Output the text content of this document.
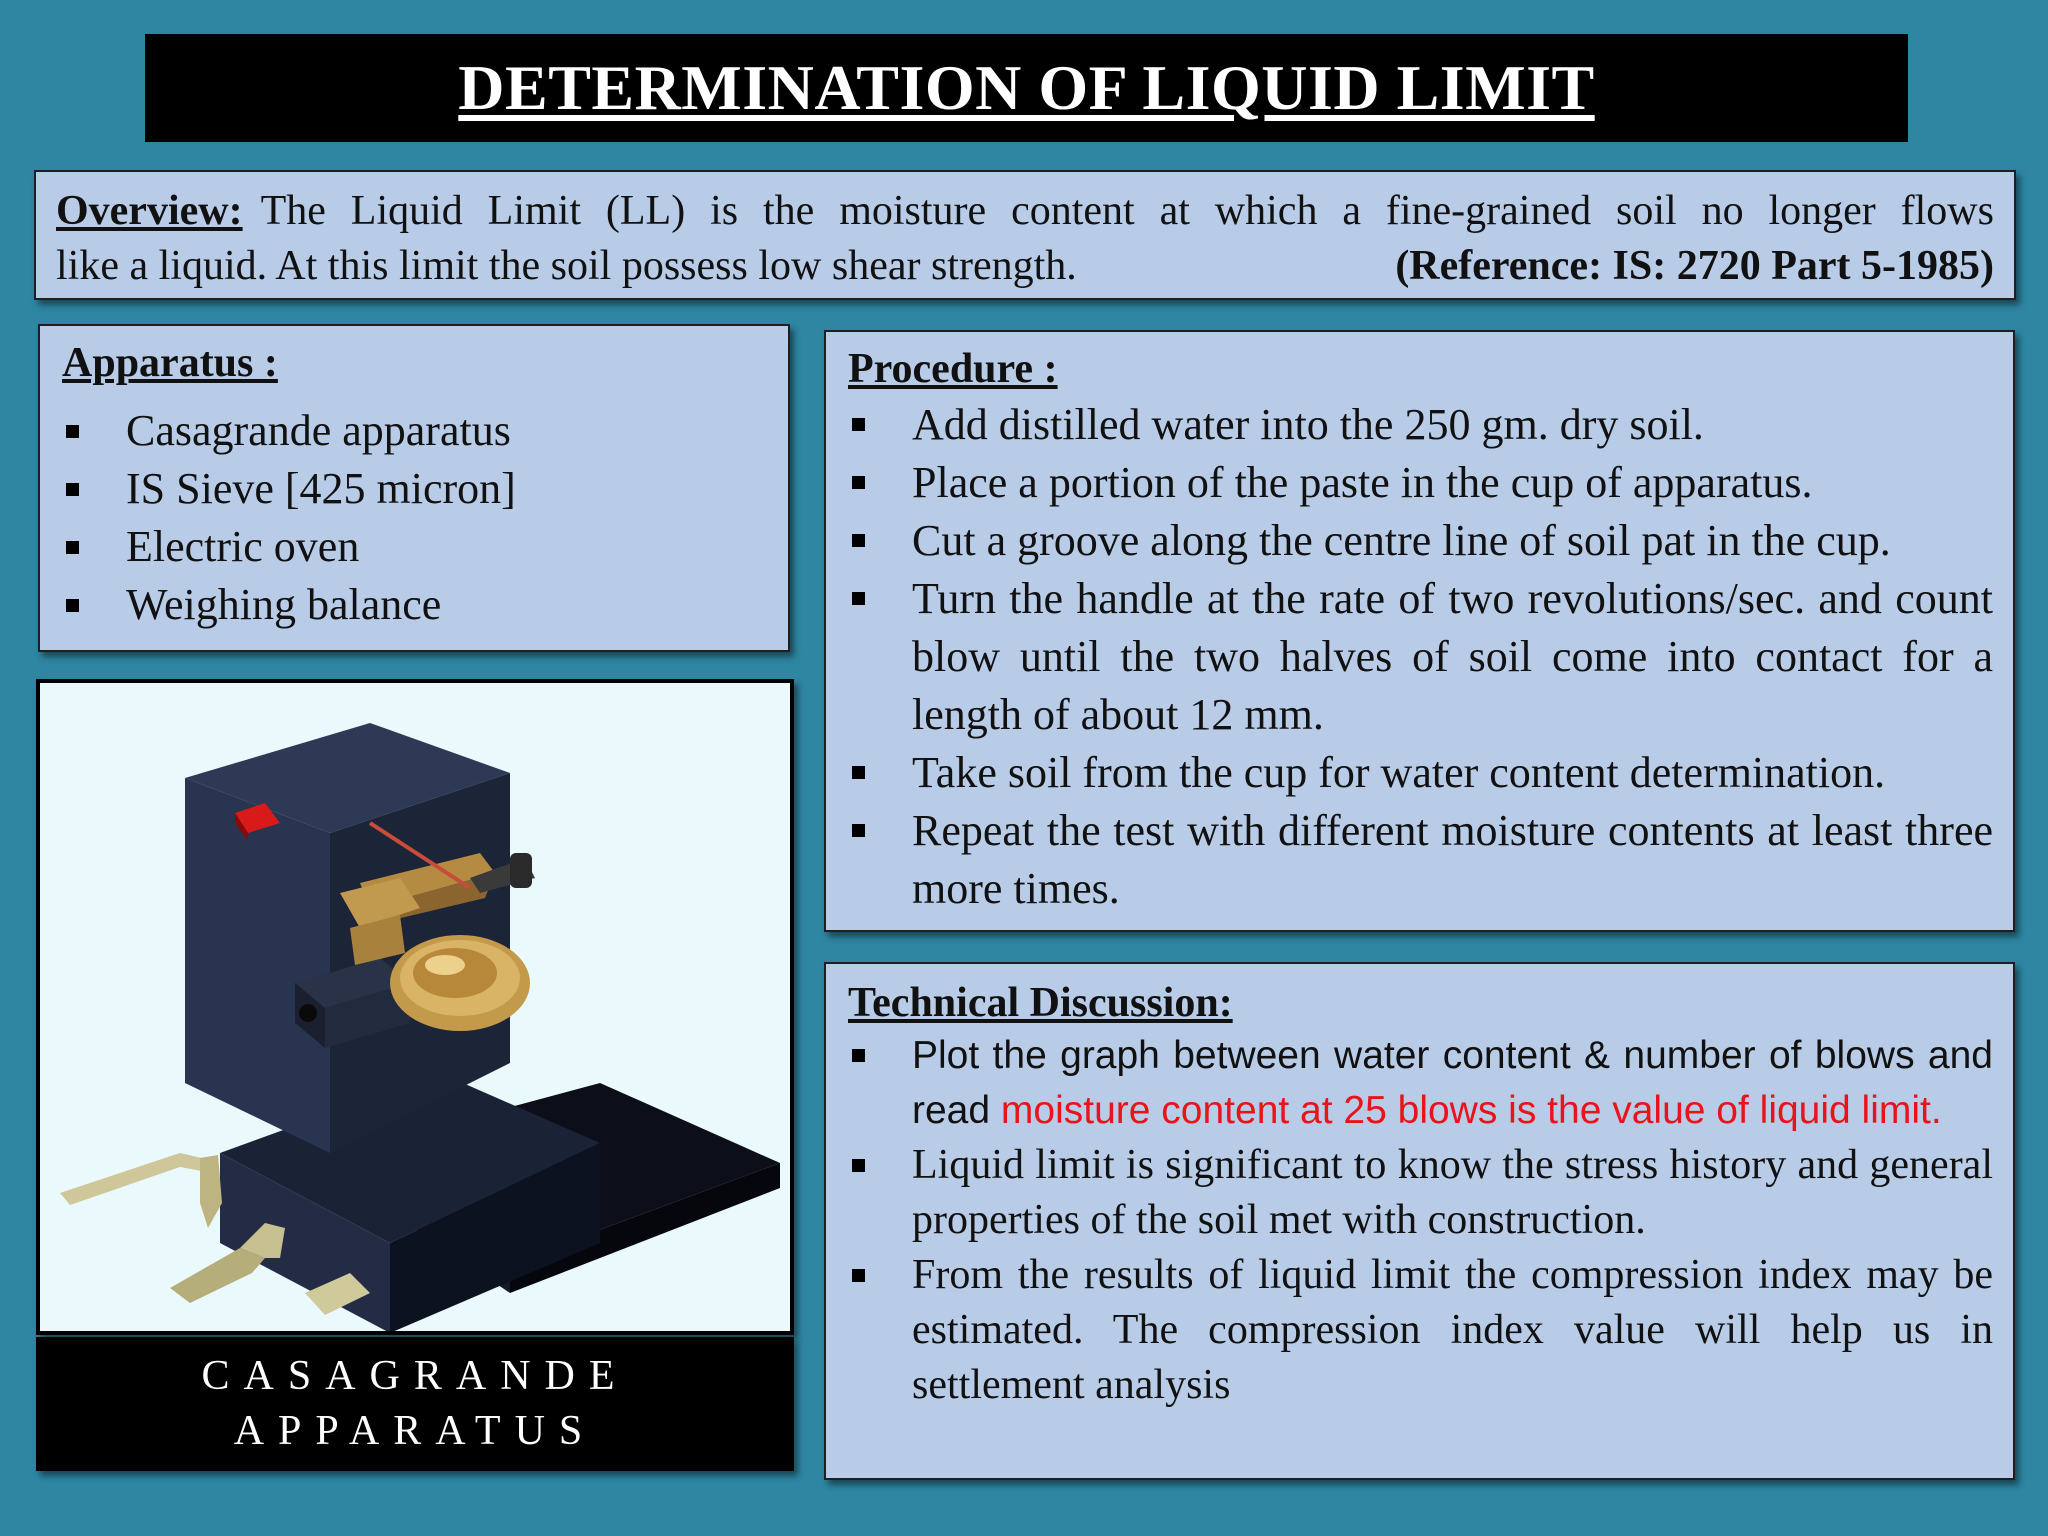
DETERMINATION OF LIQUID LIMIT

Overview: The Liquid Limit (LL) is the moisture content at which a fine-grained soil no longer flows

like a liquid. At this limit the soil possess low shear strength.	(Reference: IS: 2720 Part 5-1985)

Apparatus :

Casagrande apparatus
IS Sieve [425 micron]
Electric oven
Weighing balance
CASAGRANDE
APPARATUS

Procedure :

Add distilled water into the 250 gm. dry soil.
Place a portion of the paste in the cup of apparatus.
Cut a groove along the centre line of soil pat in the cup.
Turn the handle at the rate of two revolutions/sec. and count blow until the two halves of soil come into contact for a length of about 12 mm.
Take soil from the cup for water content determination.
Repeat the test with different moisture contents at least three more times.

Technical Discussion:

Plot the graph between water content & number of blows and read moisture content at 25 blows is the value of liquid limit.
Liquid limit is significant to know the stress history and general properties of the soil met with construction.
From the results of liquid limit the compression index may be estimated. The compression index value will help us in settlement analysis
